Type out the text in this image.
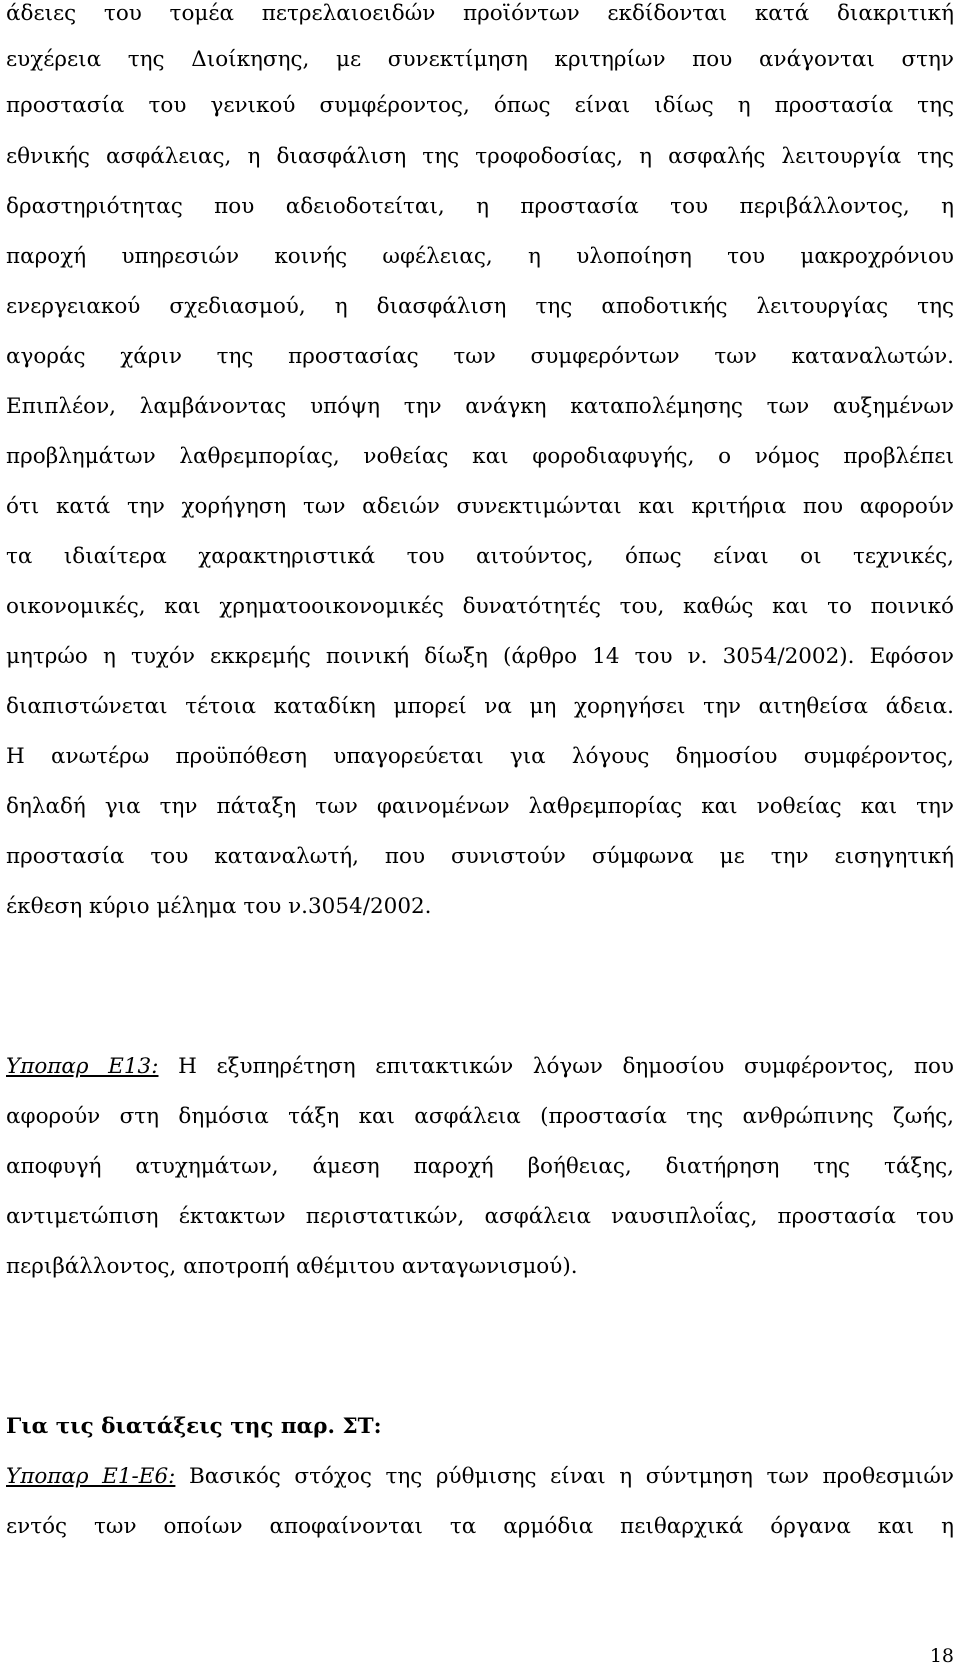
άδειες του τομέα πετρελαιοειδών προϊόντων εκδίδονται κατά διακριτική
ευχέρεια της Διοίκησης, με συνεκτίμηση κριτηρίων που ανάγονται στην
προστασία του γενικού συμφέροντος, όπως είναι ιδίως η προστασία της
εθνικής ασφάλειας, η διασφάλιση της τροφοδοσίας, η ασφαλής λειτουργία της
δραστηριότητας που αδειοδοτείται, η προστασία του περιβάλλοντος, η
παροχή υπηρεσιών κοινής ωφέλειας, η υλοποίηση του μακροχρόνιου
ενεργειακού σχεδιασμού, η διασφάλιση της αποδοτικής λειτουργίας της
αγοράς χάριν της προστασίας των συμφερόντων των καταναλωτών.
Επιπλέον, λαμβάνοντας υπόψη την ανάγκη καταπολέμησης των αυξημένων
προβλημάτων λαθρεμπορίας, νοθείας και φοροδιαφυγής, ο νόμος προβλέπει
ότι κατά την χορήγηση των αδειών συνεκτιμώνται και κριτήρια που αφορούν
τα ιδιαίτερα χαρακτηριστικά του αιτούντος, όπως είναι οι τεχνικές,
οικονομικές, και χρηματοοικονομικές δυνατότητές του, καθώς και το ποινικό
μητρώο η τυχόν εκκρεμής ποινική δίωξη (άρθρο 14 του ν. 3054/2002). Εφόσον
διαπιστώνεται τέτοια καταδίκη μπορεί να μη χορηγήσει την αιτηθείσα άδεια.
Η ανωτέρω προϋπόθεση υπαγορεύεται για λόγους δημοσίου συμφέροντος,
δηλαδή για την πάταξη των φαινομένων λαθρεμπορίας και νοθείας και την
προστασία του καταναλωτή, που συνιστούν σύμφωνα με την εισηγητική
έκθεση κύριο μέλημα του ν.3054/2002.
Υποπαρ Ε13: Η εξυπηρέτηση επιτακτικών λόγων δημοσίου συμφέροντος, που
αφορούν στη δημόσια τάξη και ασφάλεια (προστασία της ανθρώπινης ζωής,
αποφυγή ατυχημάτων, άμεση παροχή βοήθειας, διατήρηση της τάξης,
αντιμετώπιση έκτακτων περιστατικών, ασφάλεια ναυσιπλοΐας, προστασία του
περιβάλλοντος, αποτροπή αθέμιτου ανταγωνισμού).
Για τις διατάξεις της παρ. ΣΤ:
Υποπαρ Ε1-Ε6: Βασικός στόχος της ρύθμισης είναι η σύντμηση των προθεσμιών
εντός των οποίων αποφαίνονται τα αρμόδια πειθαρχικά όργανα και η
18
